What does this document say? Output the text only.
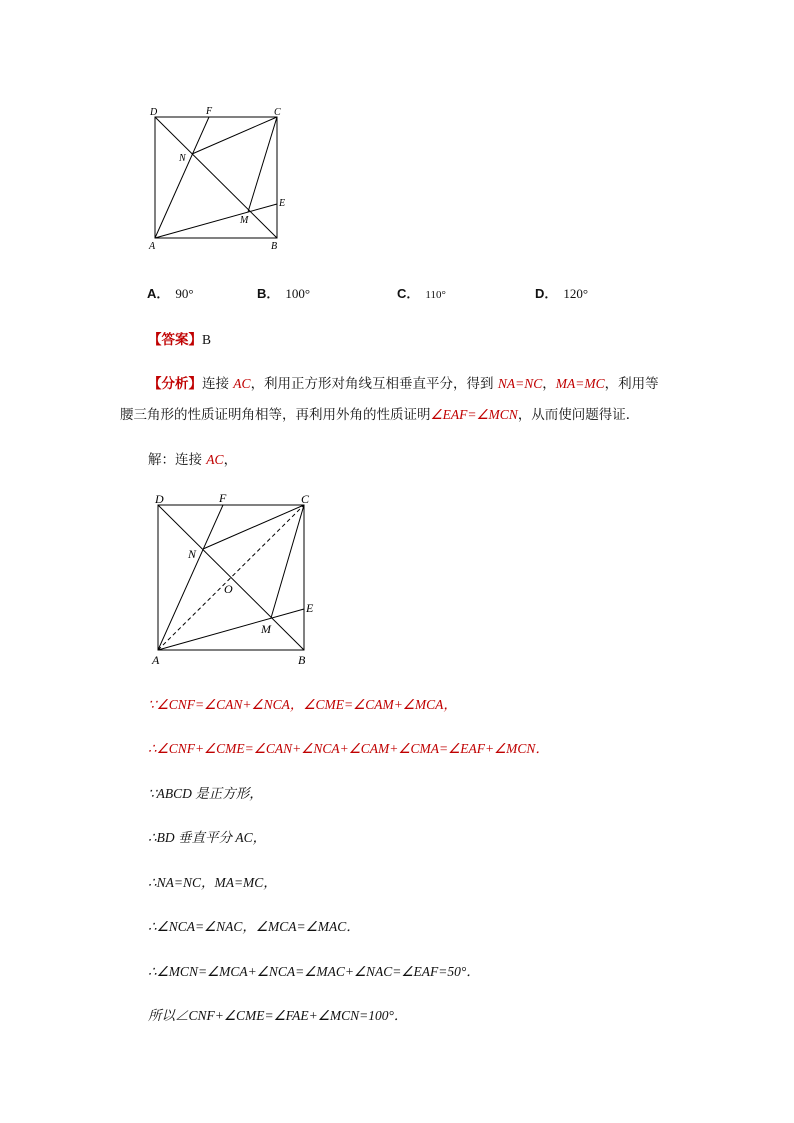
D	F	C
N
E
M
A	B
A． 90°	B． 100°	C． 110°	D． 120°
【答案】B
【分析】连接 AC，利用正方形对角线互相垂直平分，得到 NA=NC，MA=MC，利用等
腰三角形的性质证明角相等，再利用外角的性质证明∠EAF=∠MCN，从而使问题得证．
解：连接 AC，
D	F	C
N
O
E
M
A	B
∵∠CNF=∠CAN+∠NCA，∠CME=∠CAM+∠MCA，
∴∠CNF+∠CME=∠CAN+∠NCA+∠CAM+∠CMA=∠EAF+∠MCN．
∵ABCD 是正方形，
∴BD 垂直平分 AC，
∴NA=NC，MA=MC，
∴∠NCA=∠NAC，∠MCA=∠MAC．
∴∠MCN=∠MCA+∠NCA=∠MAC+∠NAC=∠EAF=50°．
所以∠CNF+∠CME=∠FAE+∠MCN=100°．
